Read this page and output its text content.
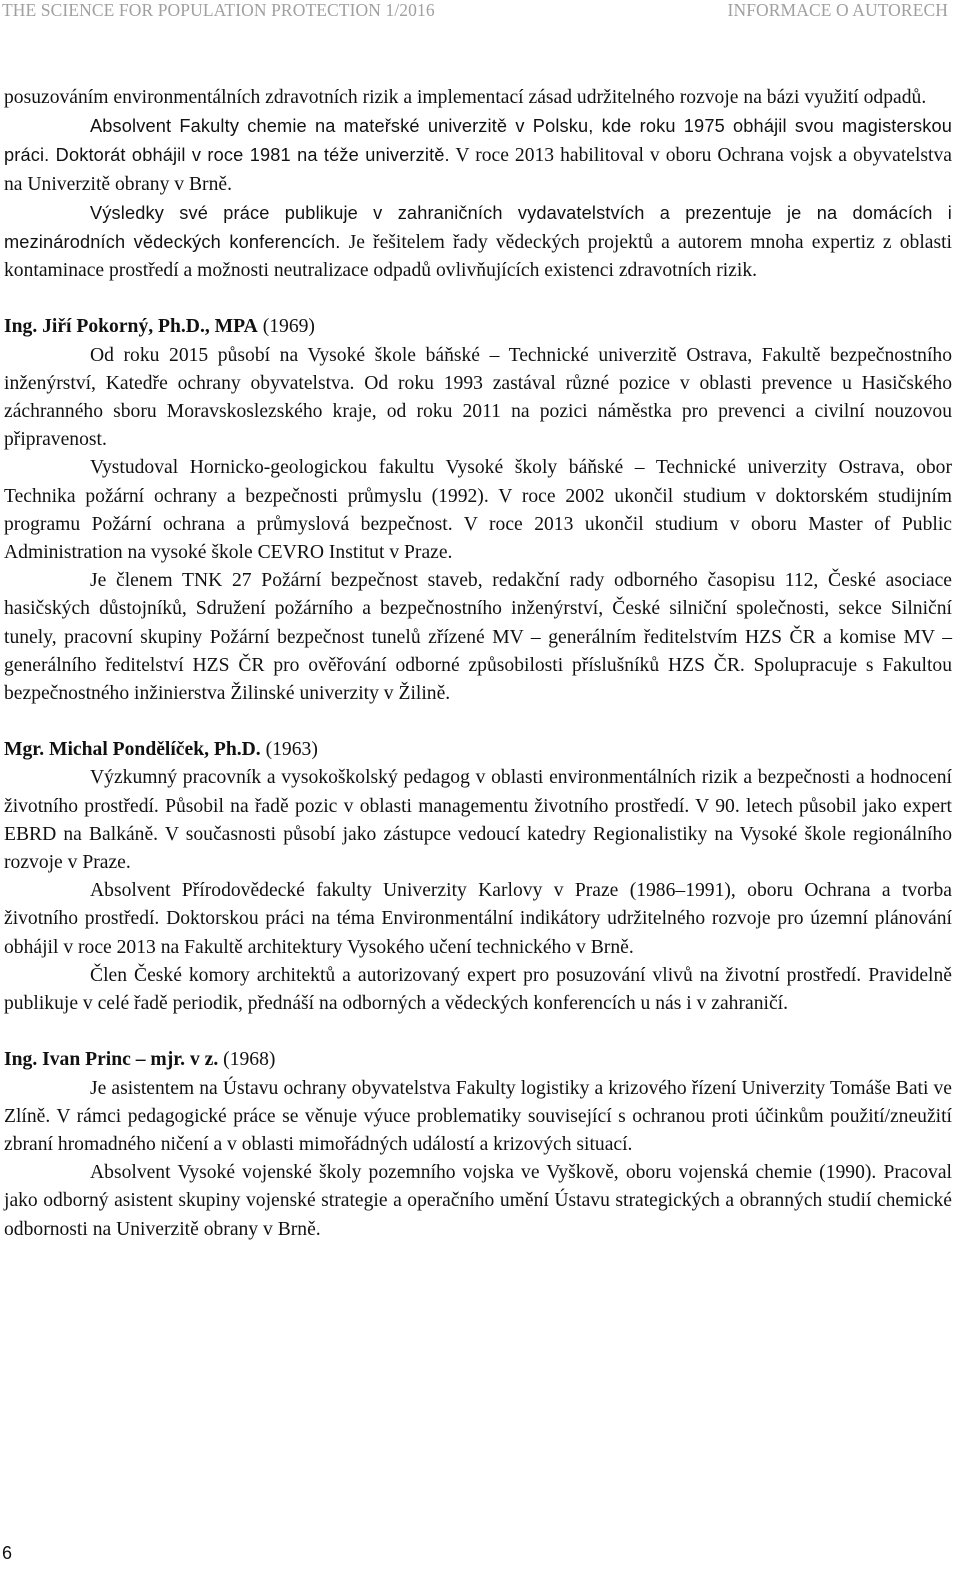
THE SCIENCE FOR POPULATION PROTECTION 1/2016	INFORMACE O AUTORECH

posuzováním environmentálních zdravotních rizik a implementací zásad udržitelného rozvoje na bázi využití odpadů.

Absolvent Fakulty chemie na mateřské univerzitě v Polsku, kde roku 1975 obhájil svou magisterskou práci. Doktorát obhájil v roce 1981 na téže univerzitě. V roce 2013 habilitoval v oboru Ochrana vojsk a obyvatelstva na Univerzitě obrany v Brně.

Výsledky své práce publikuje v zahraničních vydavatelstvích a prezentuje je na domácích i mezinárodních vědeckých konferencích. Je řešitelem řady vědeckých projektů a autorem mnoha expertiz z oblasti kontaminace prostředí a možnosti neutralizace odpadů ovlivňujících existenci zdravotních rizik.

Ing. Jiří Pokorný, Ph.D., MPA (1969)

Od roku 2015 působí na Vysoké škole báňské – Technické univerzitě Ostrava, Fakultě bezpečnostního inženýrství, Katedře ochrany obyvatelstva. Od roku 1993 zastával různé pozice v oblasti prevence u Hasičského záchranného sboru Moravskoslezského kraje, od roku 2011 na pozici náměstka pro prevenci a civilní nouzovou připravenost.

Vystudoval Hornicko-geologickou fakultu Vysoké školy báňské – Technické univerzity Ostrava, obor Technika požární ochrany a bezpečnosti průmyslu (1992). V roce 2002 ukončil studium v doktorském studijním programu Požární ochrana a průmyslová bezpečnost. V roce 2013 ukončil studium v oboru Master of Public Administration na vysoké škole CEVRO Institut v Praze.

Je členem TNK 27 Požární bezpečnost staveb, redakční rady odborného časopisu 112, České asociace hasičských důstojníků, Sdružení požárního a bezpečnostního inženýrství, České silniční společnosti, sekce Silniční tunely, pracovní skupiny Požární bezpečnost tunelů zřízené MV – generálním ředitelstvím HZS ČR a komise MV – generálního ředitelství HZS ČR pro ověřování odborné způsobilosti příslušníků HZS ČR. Spolupracuje s Fakultou bezpečnostného inžinierstva Žilinské univerzity v Žilině.

Mgr. Michal Pondělíček, Ph.D. (1963)

Výzkumný pracovník a vysokoškolský pedagog v oblasti environmentálních rizik a bezpečnosti a hodnocení životního prostředí. Působil na řadě pozic v oblasti managementu životního prostředí. V 90. letech působil jako expert EBRD na Balkáně. V současnosti působí jako zástupce vedoucí katedry Regionalistiky na Vysoké škole regionálního rozvoje v Praze.

Absolvent Přírodovědecké fakulty Univerzity Karlovy v Praze (1986–1991), oboru Ochrana a tvorba životního prostředí. Doktorskou práci na téma Environmentální indikátory udržitelného rozvoje pro územní plánování obhájil v roce 2013 na Fakultě architektury Vysokého učení technického v Brně.

Člen České komory architektů a autorizovaný expert pro posuzování vlivů na životní prostředí. Pravidelně publikuje v celé řadě periodik, přednáší na odborných a vědeckých konferencích u nás i v zahraničí.

Ing. Ivan Princ – mjr. v z. (1968)

Je asistentem na Ústavu ochrany obyvatelstva Fakulty logistiky a krizového řízení Univerzity Tomáše Bati ve Zlíně. V rámci pedagogické práce se věnuje výuce problematiky související s ochranou proti účinkům použití/zneužití zbraní hromadného ničení a v oblasti mimořádných událostí a krizových situací.

Absolvent Vysoké vojenské školy pozemního vojska ve Vyškově, oboru vojenská chemie (1990). Pracoval jako odborný asistent skupiny vojenské strategie a operačního umění Ústavu strategických a obranných studií chemické odbornosti na Univerzitě obrany v Brně.

6
